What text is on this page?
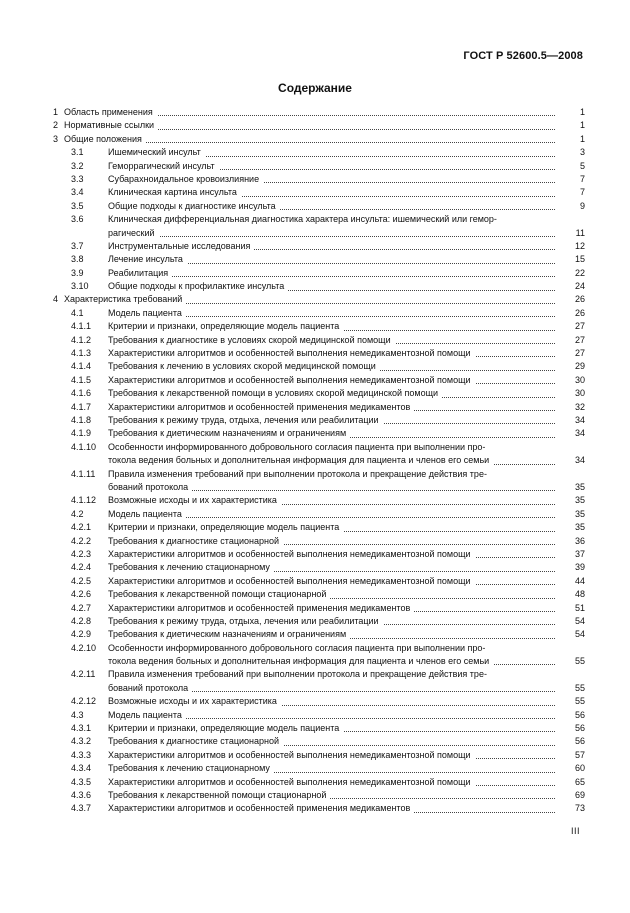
ГОСТ Р 52600.5—2008
Содержание
1 Область применения	1
2 Нормативные ссылки	1
3 Общие положения	1
3.1	Ишемический инсульт	3
3.2	Геморрагический инсульт	5
3.3	Субарахноидальное кровоизлияние	7
3.4	Клиническая картина инсульта	7
3.5	Общие подходы к диагностике инсульта	9
3.6	Клиническая дифференциальная диагностика характера инсульта: ишемический или гемор-
рагический	11
3.7	Инструментальные исследования	12
3.8	Лечение инсульта	15
3.9	Реабилитация	22
3.10 Общие подходы к профилактике инсульта	24
4 Характеристика требований	26
4.1	Модель пациента	26
4.1.1 Критерии и признаки, определяющие модель пациента	27
4.1.2 Требования к диагностике в условиях скорой медицинской помощи	27
4.1.3 Характеристики алгоритмов и особенностей выполнения немедикаментозной помощи	27
4.1.4 Требования к лечению в условиях скорой медицинской помощи	29
4.1.5 Характеристики алгоритмов и особенностей выполнения немедикаментозной помощи	30
4.1.6 Требования к лекарственной помощи в условиях скорой медицинской помощи	30
4.1.7 Характеристики алгоритмов и особенностей применения медикаментов	32
4.1.8 Требования к режиму труда, отдыха, лечения или реабилитации	34
4.1.9 Требования к диетическим назначениям и ограничениям	34
4.1.10 Особенности информированного добровольного согласия пациента при выполнении про-
токола ведения больных и дополнительная информация для пациента и членов его семьи	34
4.1.11 Правила изменения требований при выполнении протокола и прекращение действия тре-
бований протокола	35
4.1.12 Возможные исходы и их характеристика	35
4.2	Модель пациента	35
4.2.1 Критерии и признаки, определяющие модель пациента	35
4.2.2 Требования к диагностике стационарной	36
4.2.3 Характеристики алгоритмов и особенностей выполнения немедикаментозной помощи	37
4.2.4 Требования к лечению стационарному	39
4.2.5 Характеристики алгоритмов и особенностей выполнения немедикаментозной помощи	44
4.2.6 Требования к лекарственной помощи стационарной	48
4.2.7 Характеристики алгоритмов и особенностей применения медикаментов	51
4.2.8 Требования к режиму труда, отдыха, лечения или реабилитации	54
4.2.9 Требования к диетическим назначениям и ограничениям	54
4.2.10 Особенности информированного добровольного согласия пациента при выполнении про-
токола ведения больных и дополнительная информация для пациента и членов его семьи	55
4.2.11 Правила изменения требований при выполнении протокола и прекращение действия тре-
бований протокола	55
4.2.12 Возможные исходы и их характеристика	55
4.3	Модель пациента	56
4.3.1 Критерии и признаки, определяющие модель пациента	56
4.3.2 Требования к диагностике стационарной	56
4.3.3 Характеристики алгоритмов и особенностей выполнения немедикаментозной помощи	57
4.3.4 Требования к лечению стационарному	60
4.3.5 Характеристики алгоритмов и особенностей выполнения немедикаментозной помощи	65
4.3.6 Требования к лекарственной помощи стационарной	69
4.3.7 Характеристики алгоритмов и особенностей применения медикаментов	73
III
